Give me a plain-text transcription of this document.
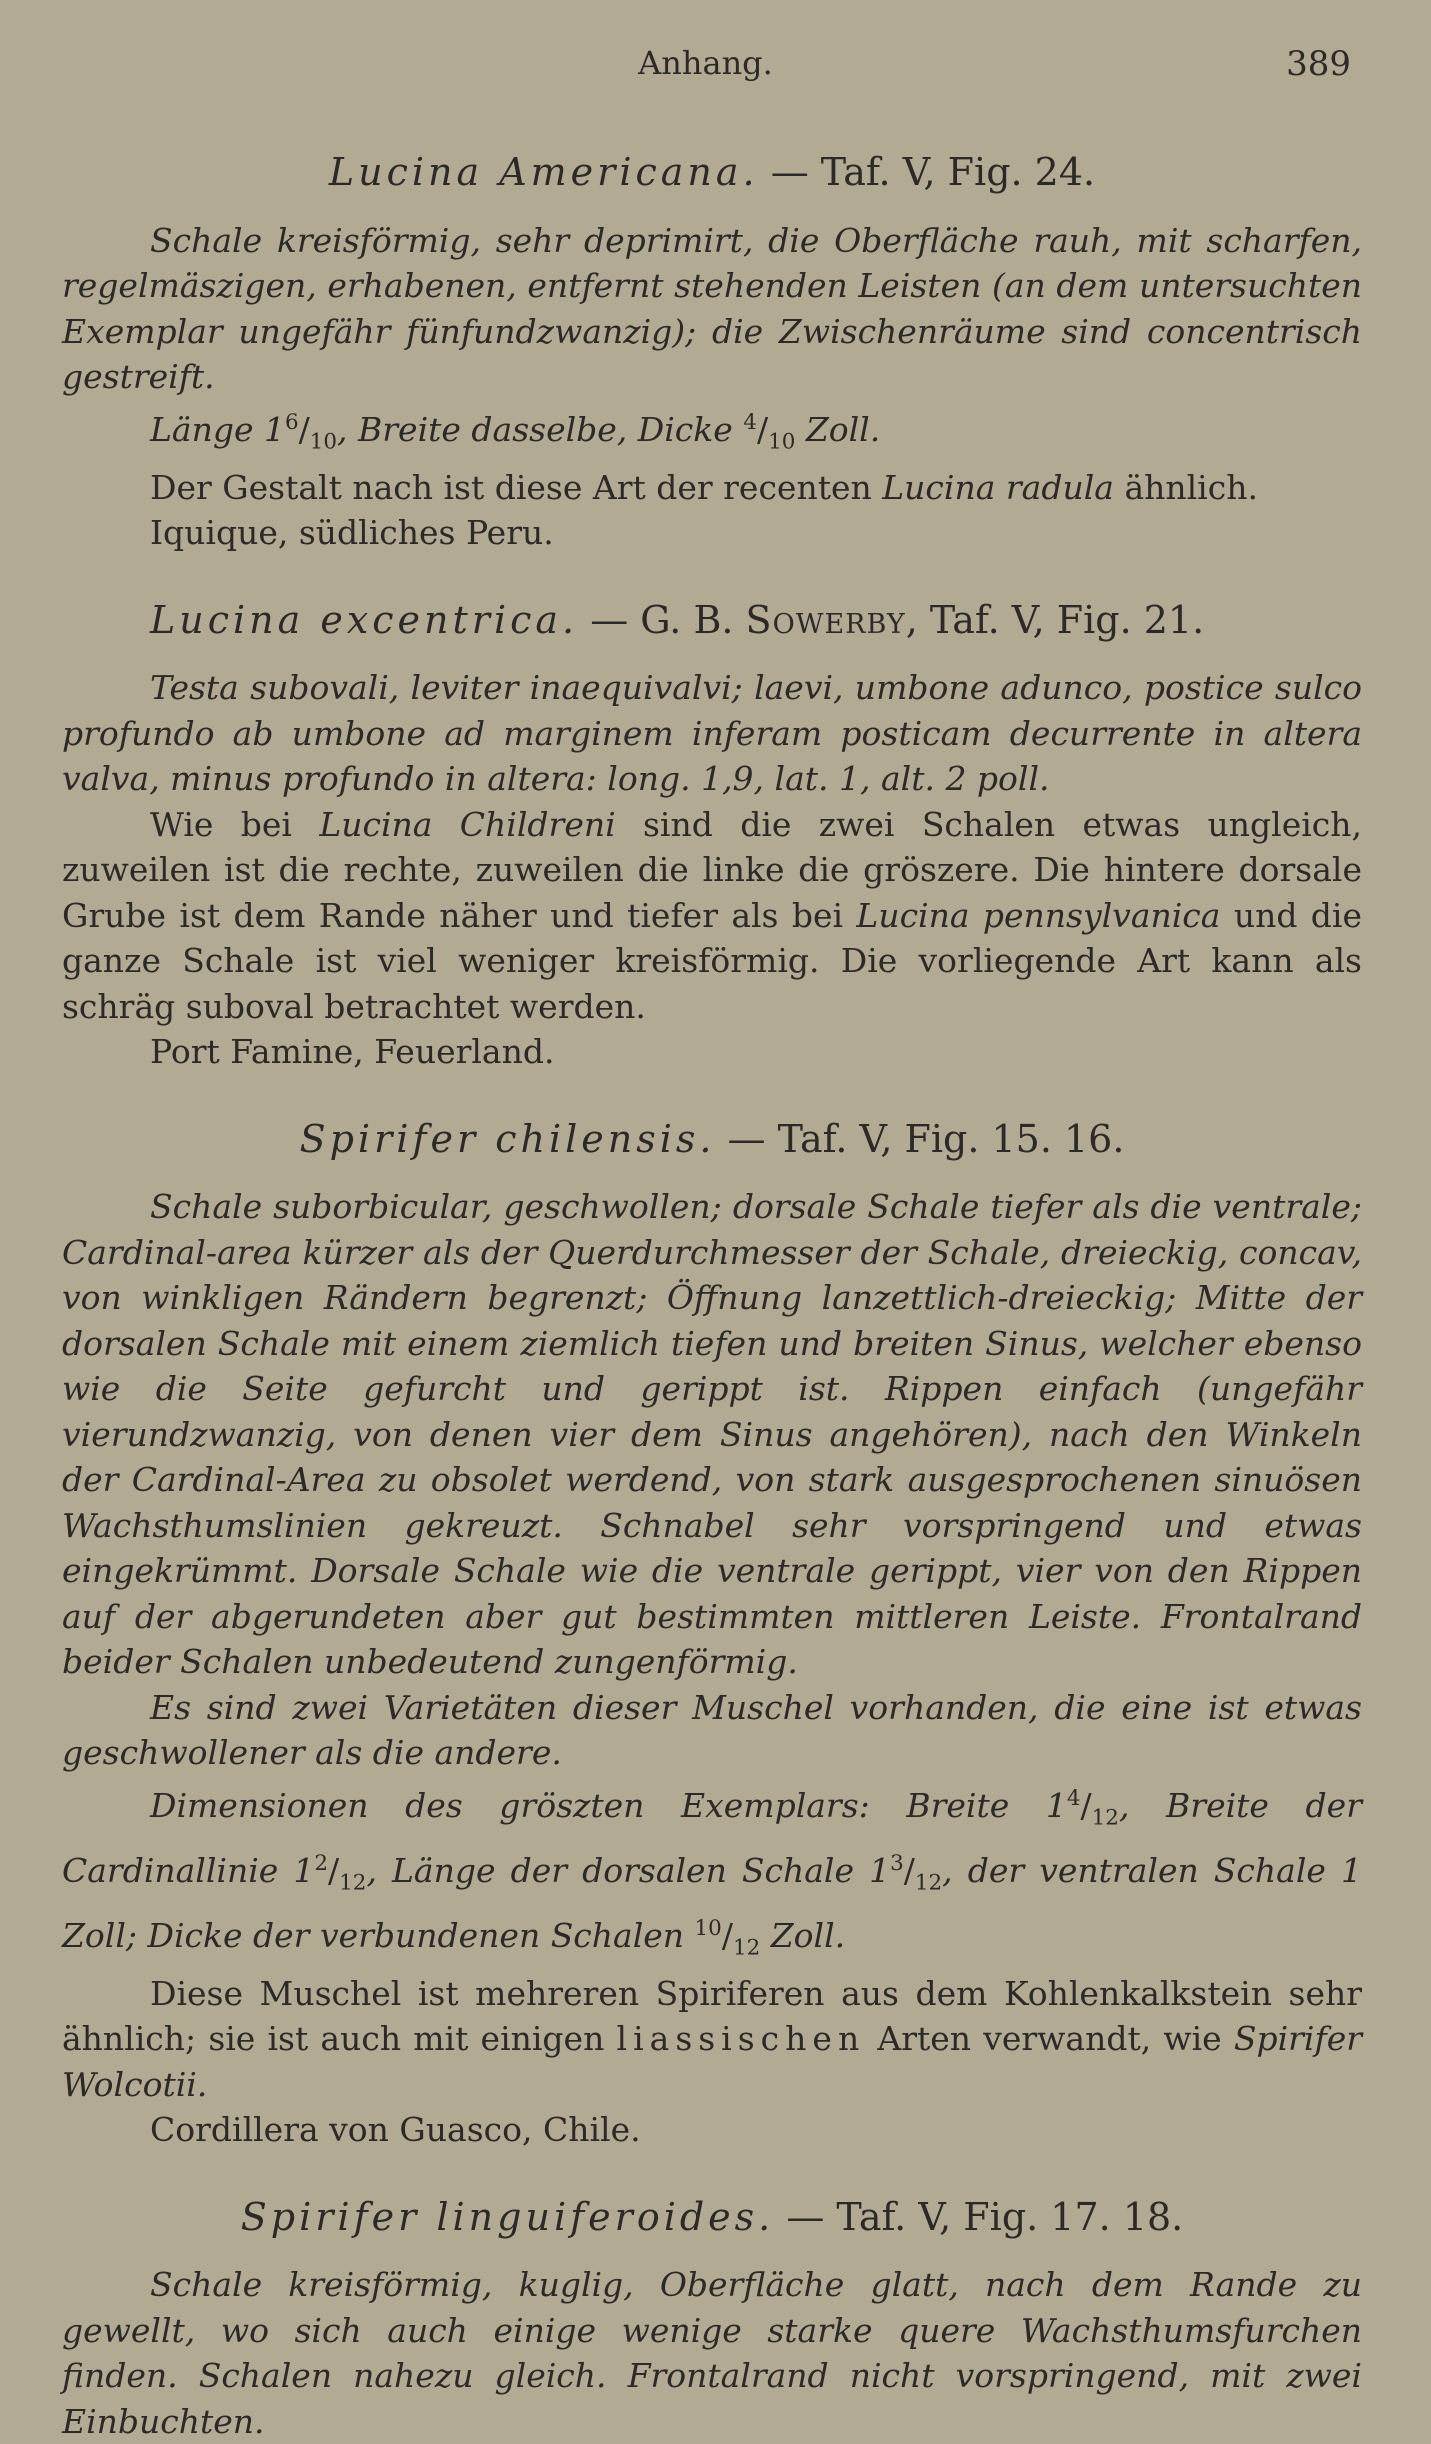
Anhang.	389

Lucina Americana. — Taf. V, Fig. 24.

Schale kreisförmig, sehr deprimirt, die Oberfläche rauh, mit scharfen, regelmäszigen, erhabenen, entfernt stehenden Leisten (an dem untersuchten Exemplar ungefähr fünfundzwanzig); die Zwischenräume sind concentrisch gestreift.

Länge $1^6/_{10}$, Breite dasselbe, Dicke $^4/_{10}$ Zoll.

Der Gestalt nach ist diese Art der recenten Lucina radula ähnlich.

Iquique, südliches Peru.

Lucina excentrica. — G. B. Sowerby, Taf. V, Fig. 21.

Testa subovali, leviter inaequivalvi; laevi, umbone adunco, postice sulco profundo ab umbone ad marginem inferam posticam decurrente in altera valva, minus profundo in altera: long. 1,9, lat. 1, alt. 2 poll.

Wie bei Lucina Childreni sind die zwei Schalen etwas ungleich, zuweilen ist die rechte, zuweilen die linke die gröszere. Die hintere dorsale Grube ist dem Rande näher und tiefer als bei Lucina pennsylvanica und die ganze Schale ist viel weniger kreisförmig. Die vorliegende Art kann als schräg suboval betrachtet werden.

Port Famine, Feuerland.

Spirifer chilensis. — Taf. V, Fig. 15. 16.

Schale suborbicular, geschwollen; dorsale Schale tiefer als die ventrale; Cardinal-area kürzer als der Querdurchmesser der Schale, dreieckig, concav, von winkligen Rändern begrenzt; Öffnung lanzettlich-dreieckig; Mitte der dorsalen Schale mit einem ziemlich tiefen und breiten Sinus, welcher ebenso wie die Seite gefurcht und gerippt ist. Rippen einfach (ungefähr vierundzwanzig, von denen vier dem Sinus angehören), nach den Winkeln der Cardinal-Area zu obsolet werdend, von stark ausgesprochenen sinuösen Wachsthumslinien gekreuzt. Schnabel sehr vorspringend und etwas eingekrümmt. Dorsale Schale wie die ventrale gerippt, vier von den Rippen auf der abgerundeten aber gut bestimmten mittleren Leiste. Frontalrand beider Schalen unbedeutend zungenförmig.

Es sind zwei Varietäten dieser Muschel vorhanden, die eine ist etwas geschwollener als die andere.

Dimensionen des gröszten Exemplars: Breite $1^4/_{12}$, Breite der Cardinallinie $1^2/_{12}$, Länge der dorsalen Schale $1^3/_{12}$, der ventralen Schale 1 Zoll; Dicke der verbundenen Schalen $^{10}/_{12}$ Zoll.

Diese Muschel ist mehreren Spiriferen aus dem Kohlenkalkstein sehr ähnlich; sie ist auch mit einigen liassischen Arten verwandt, wie Spirifer Wolcotii.

Cordillera von Guasco, Chile.

Spirifer linguiferoides. — Taf. V, Fig. 17. 18.

Schale kreisförmig, kuglig, Oberfläche glatt, nach dem Rande zu gewellt, wo sich auch einige wenige starke quere Wachsthumsfurchen finden. Schalen nahezu gleich. Frontalrand nicht vorspringend, mit zwei Einbuchten.
